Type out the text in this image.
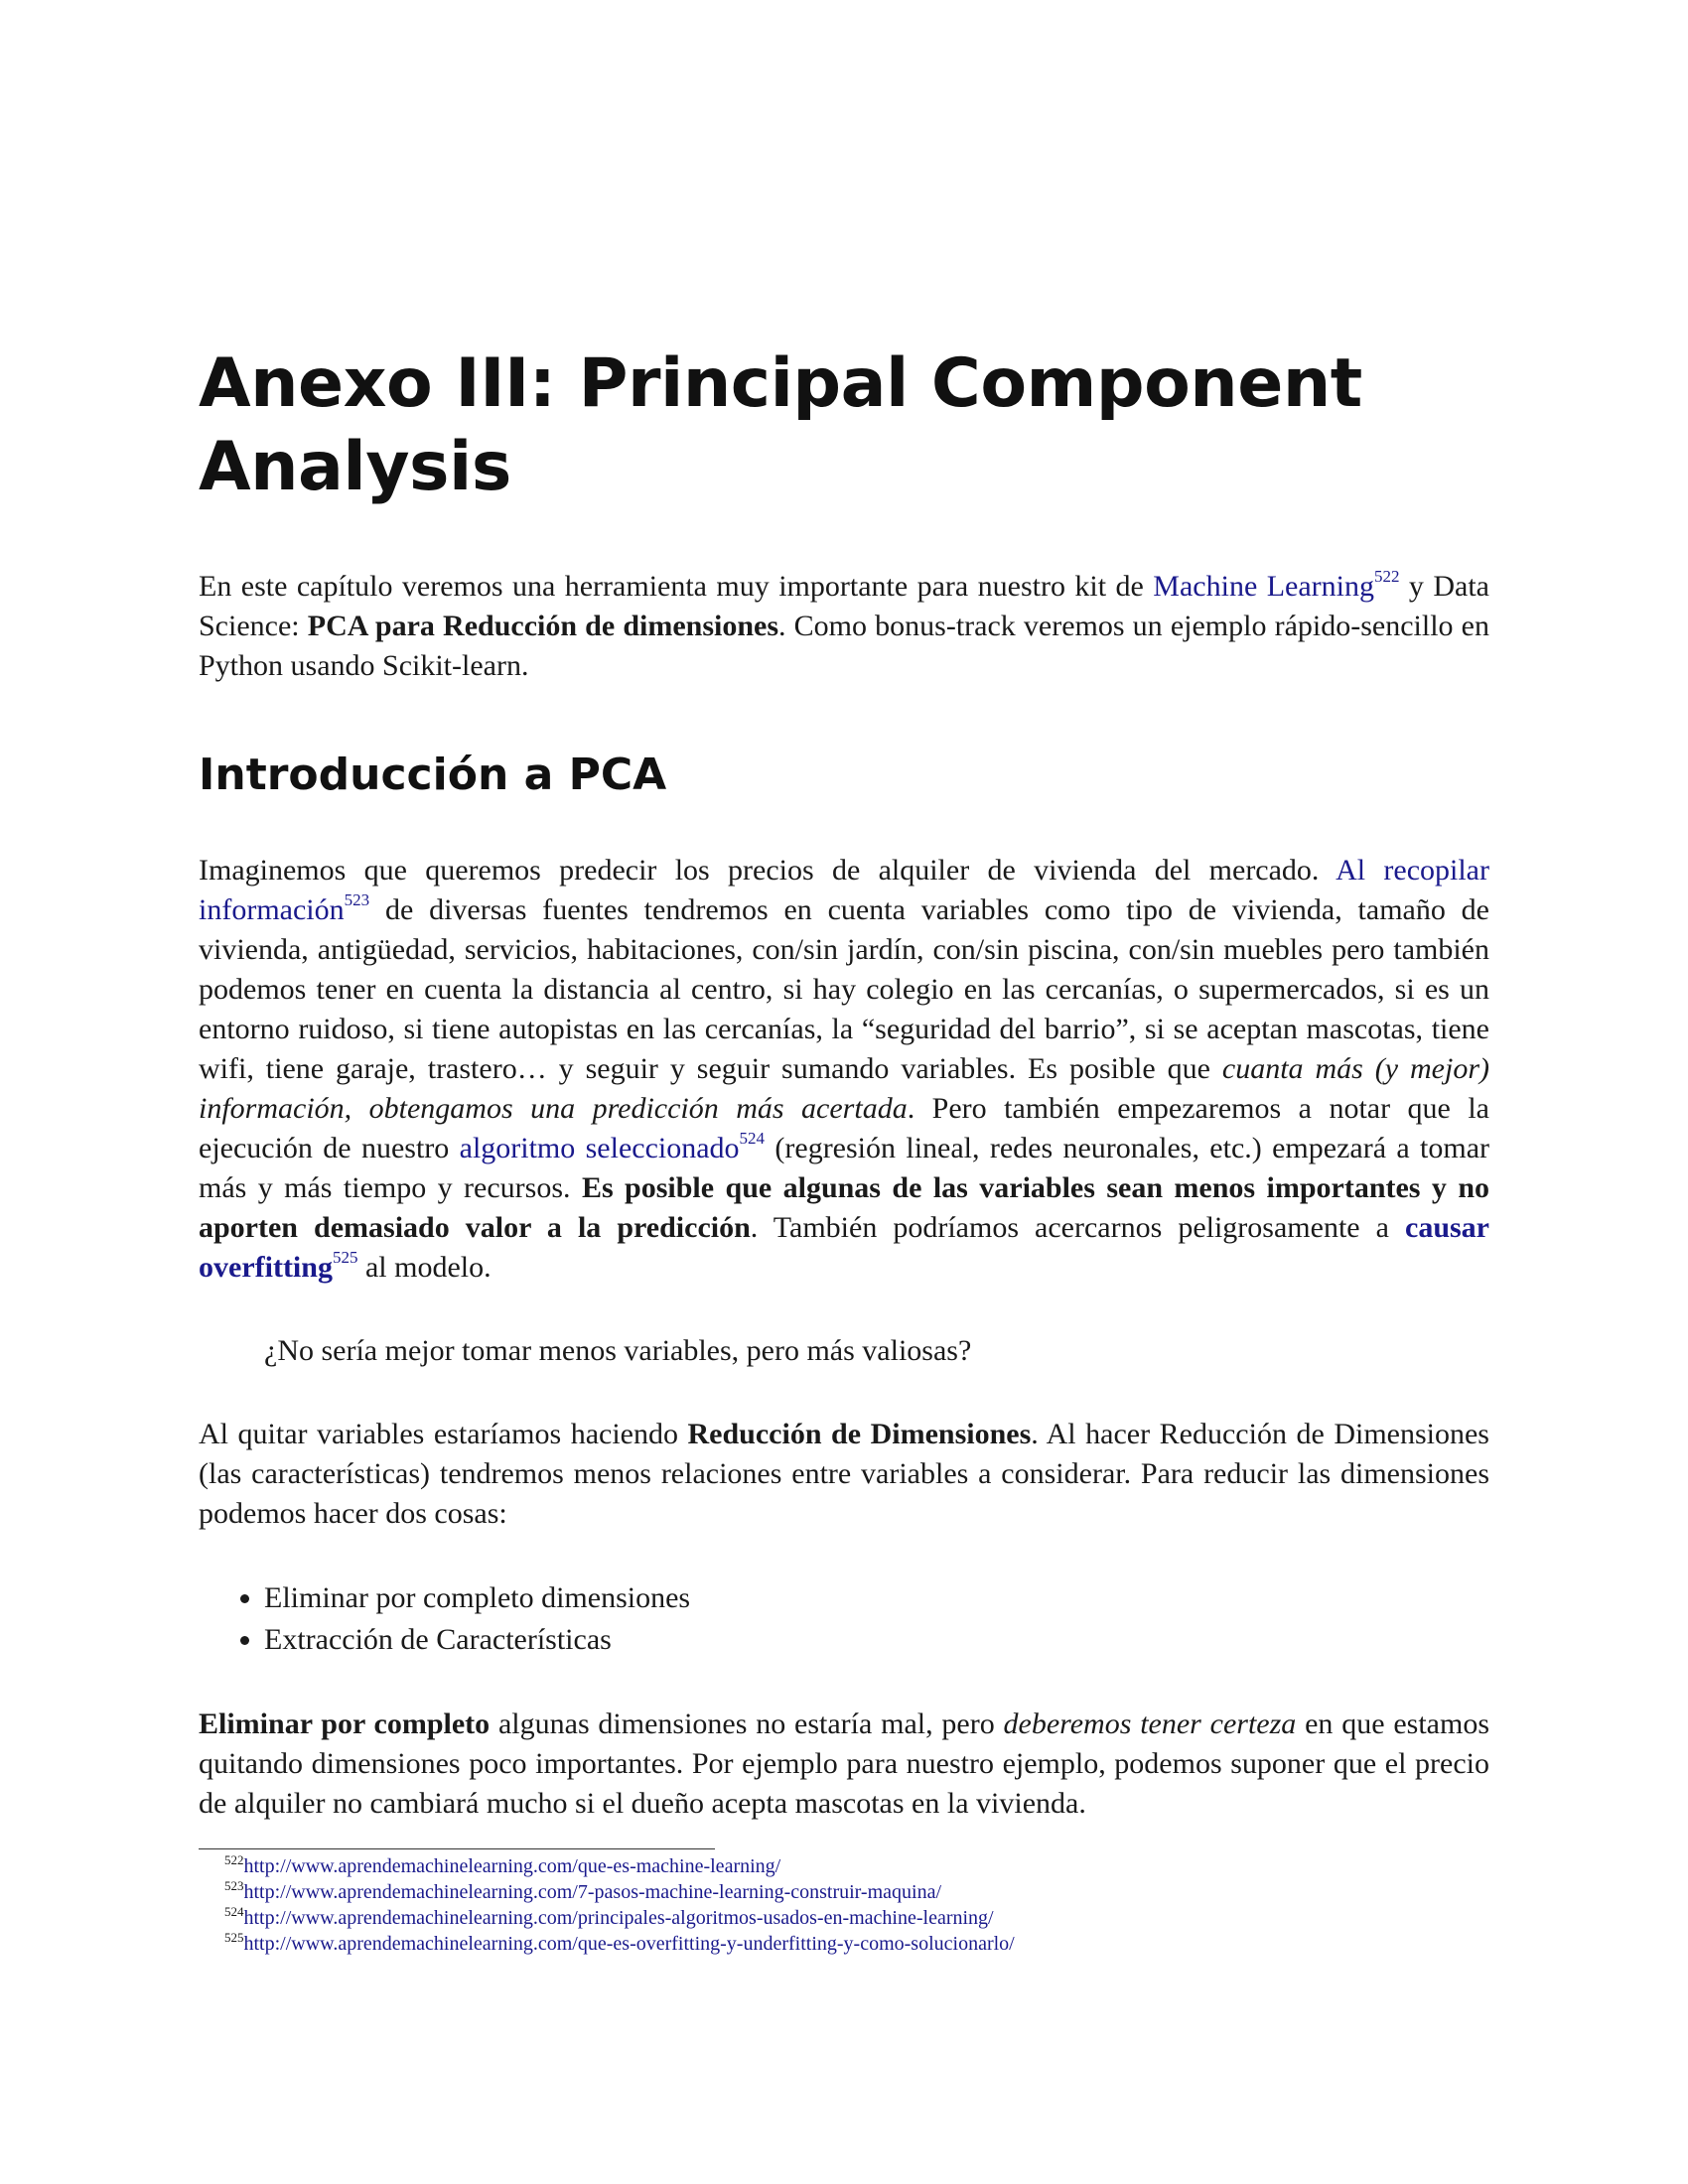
Anexo III: Principal Component Analysis

En este capítulo veremos una herramienta muy importante para nuestro kit de Machine Learning$^{522}$ y Data Science: PCA para Reducción de dimensiones. Como bonus-track veremos un ejemplo rápido-sencillo en Python usando Scikit-learn.

Introducción a PCA

Imaginemos que queremos predecir los precios de alquiler de vivienda del mercado. Al recopilar información$^{523}$ de diversas fuentes tendremos en cuenta variables como tipo de vivienda, tamaño de vivienda, antigüedad, servicios, habitaciones, con/sin jardín, con/sin piscina, con/sin muebles pero también podemos tener en cuenta la distancia al centro, si hay colegio en las cercanías, o supermercados, si es un entorno ruidoso, si tiene autopistas en las cercanías, la “seguridad del barrio”, si se aceptan mascotas, tiene wifi, tiene garaje, trastero… y seguir y seguir sumando variables. Es posible que cuanta más (y mejor) información, obtengamos una predicción más acertada. Pero también empezaremos a notar que la ejecución de nuestro algoritmo seleccionado$^{524}$ (regresión lineal, redes neuronales, etc.) empezará a tomar más y más tiempo y recursos. Es posible que algunas de las variables sean menos importantes y no aporten demasiado valor a la predicción. También podríamos acercarnos peligrosamente a causar overfitting$^{525}$ al modelo.

¿No sería mejor tomar menos variables, pero más valiosas?

Al quitar variables estaríamos haciendo Reducción de Dimensiones. Al hacer Reducción de Dimensiones (las características) tendremos menos relaciones entre variables a considerar. Para reducir las dimensiones podemos hacer dos cosas:

• Eliminar por completo dimensiones
• Extracción de Características

Eliminar por completo algunas dimensiones no estaría mal, pero deberemos tener certeza en que estamos quitando dimensiones poco importantes. Por ejemplo para nuestro ejemplo, podemos suponer que el precio de alquiler no cambiará mucho si el dueño acepta mascotas en la vivienda.

$^{522}$http://www.aprendemachinelearning.com/que-es-machine-learning/
$^{523}$http://www.aprendemachinelearning.com/7-pasos-machine-learning-construir-maquina/
$^{524}$http://www.aprendemachinelearning.com/principales-algoritmos-usados-en-machine-learning/
$^{525}$http://www.aprendemachinelearning.com/que-es-overfitting-y-underfitting-y-como-solucionarlo/
